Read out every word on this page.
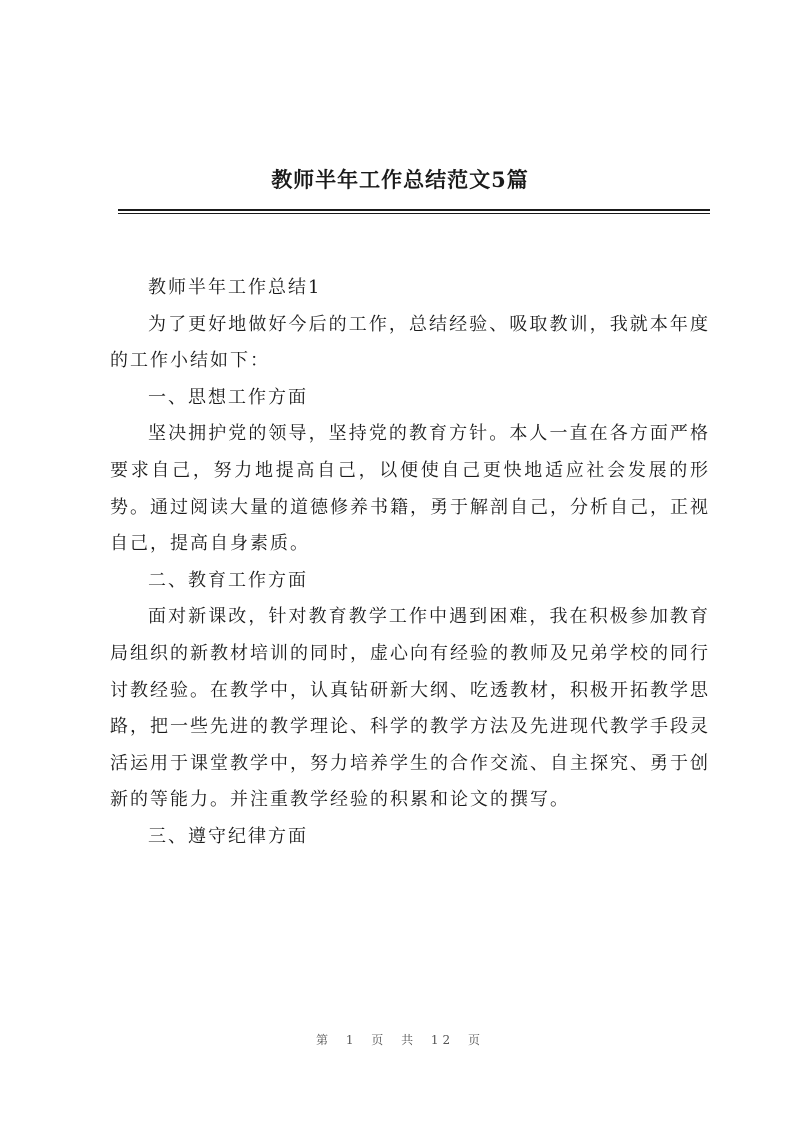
教师半年工作总结范文5篇

教师半年工作总结1

为了更好地做好今后的工作，总结经验、吸取教训，我就本年度的工作小结如下：

一、思想工作方面

坚决拥护党的领导，坚持党的教育方针。本人一直在各方面严格要求自己，努力地提高自己，以便使自己更快地适应社会发展的形势。通过阅读大量的道德修养书籍，勇于解剖自己，分析自己，正视自己，提高自身素质。

二、教育工作方面

面对新课改，针对教育教学工作中遇到困难，我在积极参加教育局组织的新教材培训的同时，虚心向有经验的教师及兄弟学校的同行讨教经验。在教学中，认真钻研新大纲、吃透教材，积极开拓教学思路，把一些先进的教学理论、科学的教学方法及先进现代教学手段灵活运用于课堂教学中，努力培养学生的合作交流、自主探究、勇于创新的等能力。并注重教学经验的积累和论文的撰写。

三、遵守纪律方面

第 1 页 共 12 页
